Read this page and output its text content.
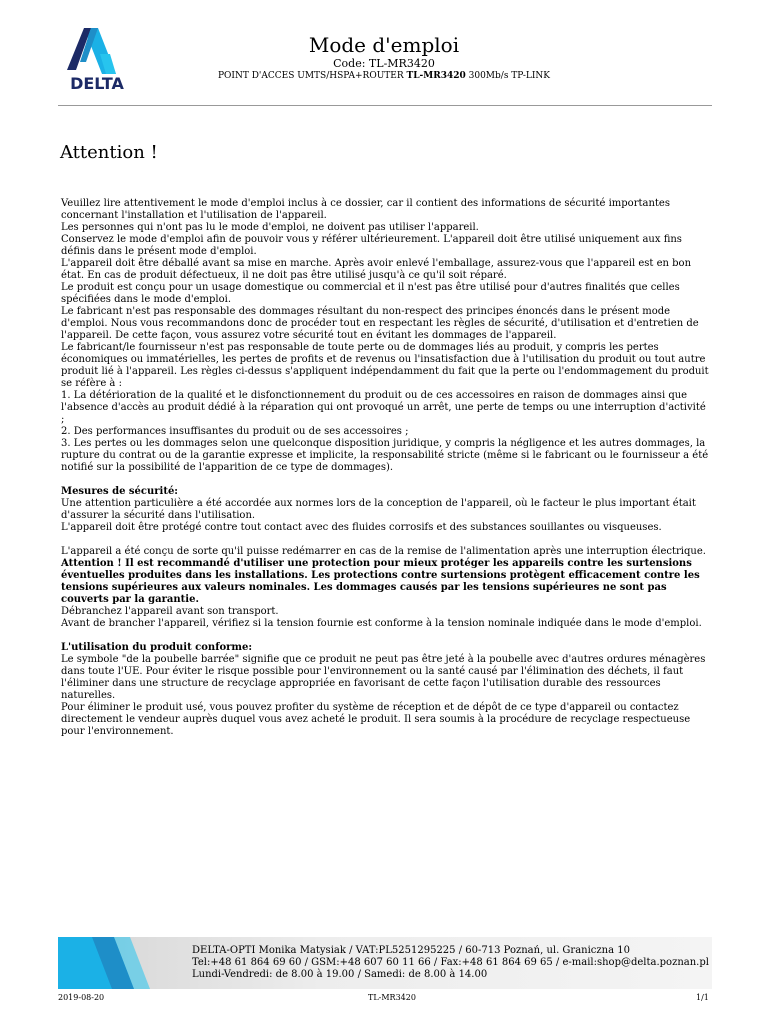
DELTA
Mode d'emploi
Code: TL-MR3420
POINT D'ACCES UMTS/HSPA+ROUTER TL-MR3420 300Mb/s TP-LINK
Attention !

Veuillez lire attentivement le mode d'emploi inclus à ce dossier, car il contient des informations de sécurité importantes concernant l'installation et l'utilisation de l'appareil.

Les personnes qui n'ont pas lu le mode d'emploi, ne doivent pas utiliser l'appareil.

Conservez le mode d'emploi afin de pouvoir vous y référer ultérieurement. L'appareil doit être utilisé uniquement aux fins définis dans le présent mode d'emploi.

L'appareil doit être déballé avant sa mise en marche. Après avoir enlevé l'emballage, assurez-vous que l'appareil est en bon état. En cas de produit défectueux, il ne doit pas être utilisé jusqu'à ce qu'il soit réparé.

Le produit est conçu pour un usage domestique ou commercial et il n'est pas être utilisé pour d'autres finalités que celles spécifiées dans le mode d'emploi.

Le fabricant n'est pas responsable des dommages résultant du non-respect des principes énoncés dans le présent mode d'emploi. Nous vous recommandons donc de procéder tout en respectant les règles de sécurité, d'utilisation et d'entretien de l'appareil. De cette façon, vous assurez votre sécurité tout en évitant les dommages de l'appareil.

Le fabricant/le fournisseur n'est pas responsable de toute perte ou de dommages liés au produit, y compris les pertes économiques ou immatérielles, les pertes de profits et de revenus ou l'insatisfaction due à l'utilisation du produit ou tout autre produit lié à l'appareil. Les règles ci-dessus s'appliquent indépendamment du fait que la perte ou l'endommagement du produit se réfère à :

1. La détérioration de la qualité et le disfonctionnement du produit ou de ces accessoires en raison de dommages ainsi que l'absence d'accès au produit dédié à la réparation qui ont provoqué un arrêt, une perte de temps ou une interruption d'activité ;

2. Des performances insuffisantes du produit ou de ses accessoires ;

3. Les pertes ou les dommages selon une quelconque disposition juridique, y compris la négligence et les autres dommages, la rupture du contrat ou de la garantie expresse et implicite, la responsabilité stricte (même si le fabricant ou le fournisseur a été notifié sur la possibilité de l'apparition de ce type de dommages).

Mesures de sécurité:

Une attention particulière a été accordée aux normes lors de la conception de l'appareil, où le facteur le plus important était d'assurer la sécurité dans l'utilisation.

L'appareil doit être protégé contre tout contact avec des fluides corrosifs et des substances souillantes ou visqueuses.

L'appareil a été conçu de sorte qu'il puisse redémarrer en cas de la remise de l'alimentation après une interruption électrique.

Attention ! Il est recommandé d'utiliser une protection pour mieux protéger les appareils contre les surtensions éventuelles produites dans les installations. Les protections contre surtensions protègent efficacement contre les tensions supérieures aux valeurs nominales. Les dommages causés par les tensions supérieures ne sont pas couverts par la garantie.

Débranchez l'appareil avant son transport.

Avant de brancher l'appareil, vérifiez si la tension fournie est conforme à la tension nominale indiquée dans le mode d'emploi.

L'utilisation du produit conforme:

Le symbole "de la poubelle barrée" signifie que ce produit ne peut pas être jeté à la poubelle avec d'autres ordures ménagères dans toute l'UE. Pour éviter le risque possible pour l'environnement ou la santé causé par l'élimination des déchets, il faut l'éliminer dans une structure de recyclage appropriée en favorisant de cette façon l'utilisation durable des ressources naturelles.

Pour éliminer le produit usé, vous pouvez profiter du système de réception et de dépôt de ce type d'appareil ou contactez directement le vendeur auprès duquel vous avez acheté le produit. Il sera soumis à la procédure de recyclage respectueuse pour l'environnement.

DELTA-OPTI Monika Matysiak / VAT:PL5251295225 / 60-713 Poznań, ul. Graniczna 10
Tel:+48 61 864 69 60 / GSM:+48 607 60 11 66 / Fax:+48 61 864 69 65 / e-mail:shop@delta.poznan.pl
Lundi-Vendredi: de 8.00 à 19.00 / Samedi: de 8.00 à 14.00
2019-08-20	TL-MR3420	1/1
